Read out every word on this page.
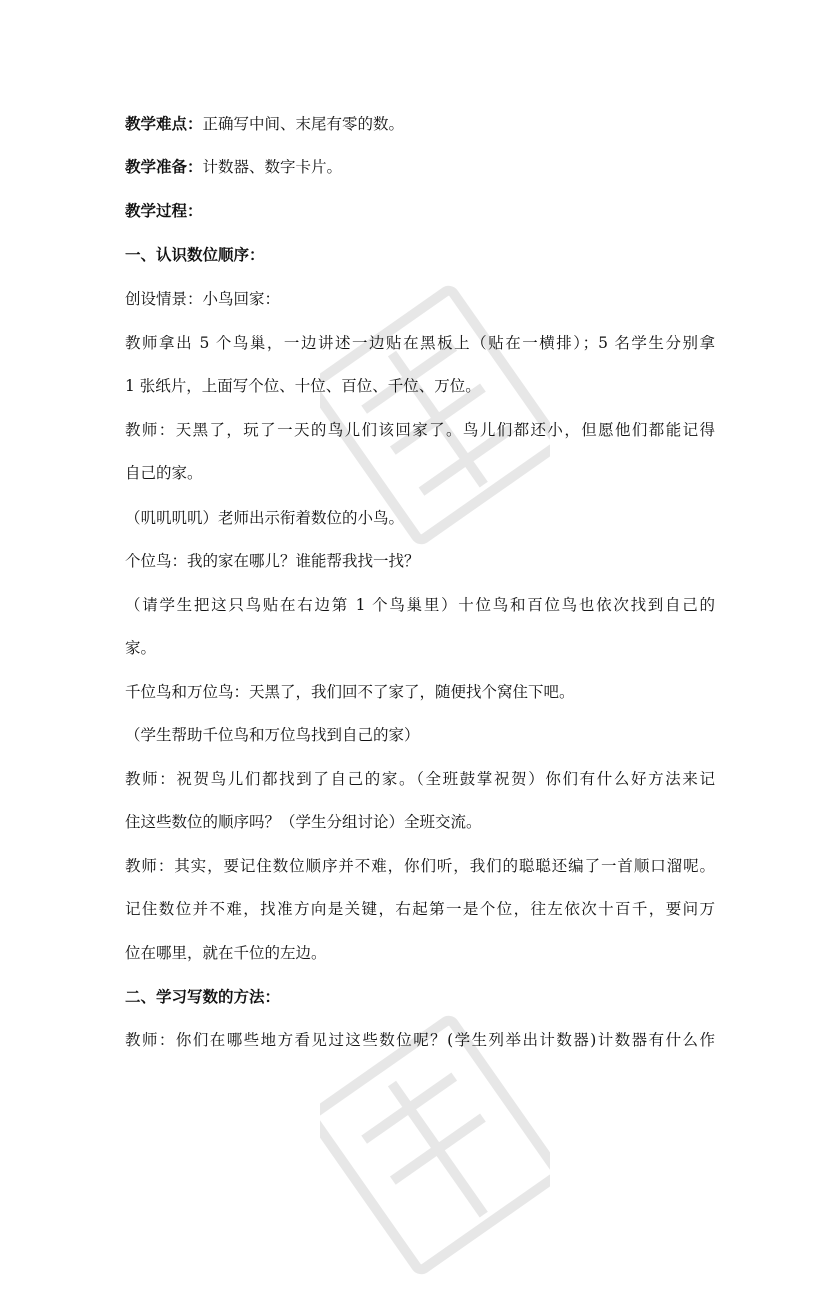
教学难点：正确写中间、末尾有零的数。
教学准备：计数器、数字卡片。
教学过程：
一、认识数位顺序：
创设情景：小鸟回家：
教师拿出 5 个鸟巢，一边讲述一边贴在黑板上（贴在一横排）；5 名学生分别拿
1 张纸片，上面写个位、十位、百位、千位、万位。
教师：天黑了，玩了一天的鸟儿们该回家了。鸟儿们都还小，但愿他们都能记得
自己的家。
（叽叽叽叽）老师出示衔着数位的小鸟。
个位鸟：我的家在哪儿？谁能帮我找一找？
（请学生把这只鸟贴在右边第 1 个鸟巢里）十位鸟和百位鸟也依次找到自己的
家。
千位鸟和万位鸟：天黑了，我们回不了家了，随便找个窝住下吧。
（学生帮助千位鸟和万位鸟找到自己的家）
教师：祝贺鸟儿们都找到了自己的家。（全班鼓掌祝贺）你们有什么好方法来记
住这些数位的顺序吗？（学生分组讨论）全班交流。
教师：其实，要记住数位顺序并不难，你们听，我们的聪聪还编了一首顺口溜呢。
记住数位并不难，找准方向是关键，右起第一是个位，往左依次十百千，要问万
位在哪里，就在千位的左边。
二、学习写数的方法：
教师：你们在哪些地方看见过这些数位呢？(学生列举出计数器)计数器有什么作
